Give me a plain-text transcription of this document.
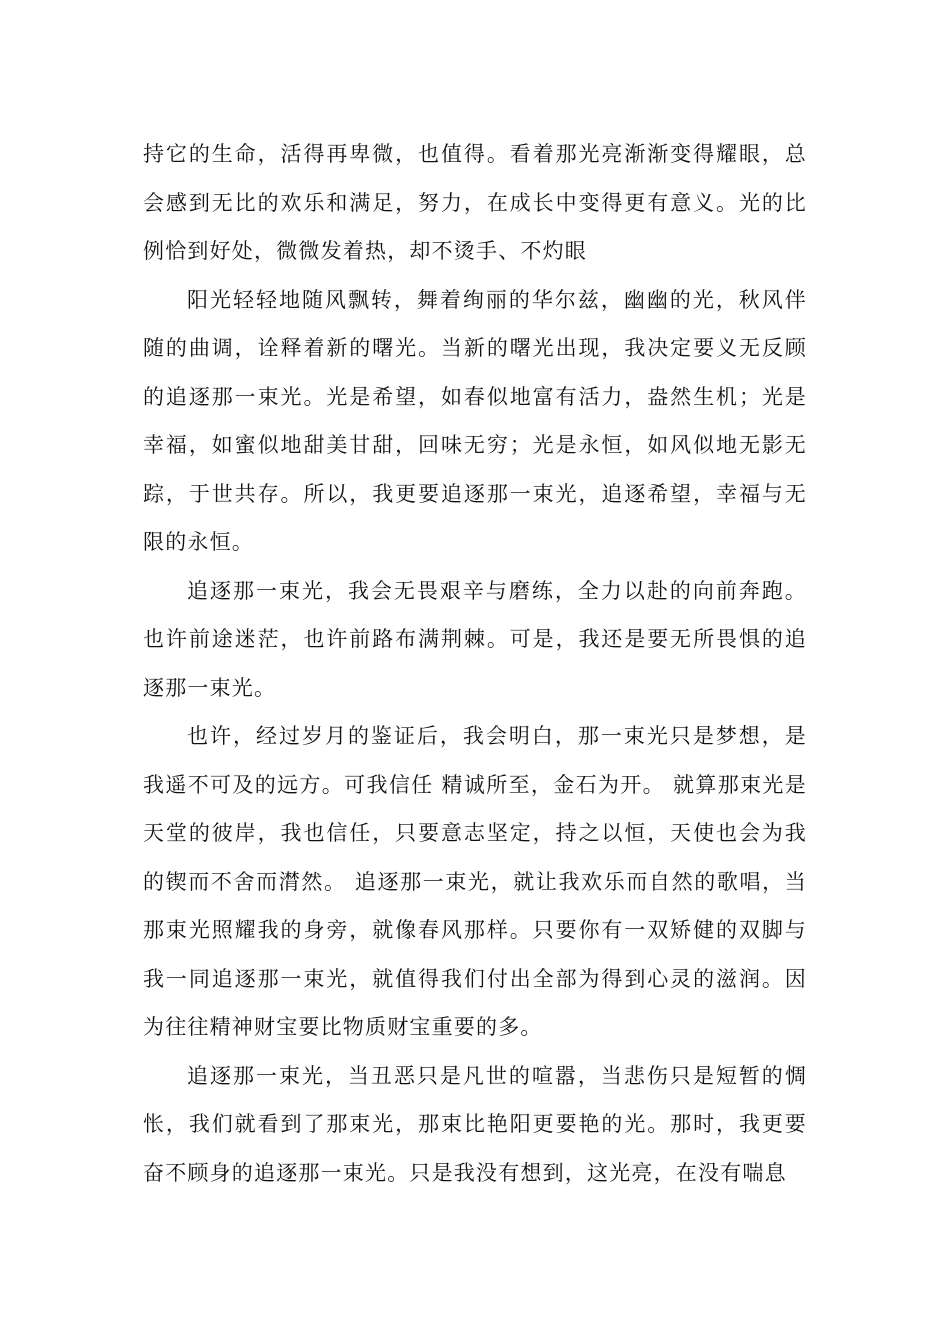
持它的生命，活得再卑微，也值得。看着那光亮渐渐变得耀眼，总会感到无比的欢乐和满足，努力，在成长中变得更有意义。光的比例恰到好处，微微发着热，却不烫手、不灼眼

阳光轻轻地随风飘转，舞着绚丽的华尔兹，幽幽的光，秋风伴随的曲调，诠释着新的曙光。当新的曙光出现，我决定要义无反顾的追逐那一束光。光是希望，如春似地富有活力，盎然生机；光是幸福，如蜜似地甜美甘甜，回味无穷；光是永恒，如风似地无影无踪，于世共存。所以，我更要追逐那一束光，追逐希望，幸福与无限的永恒。

追逐那一束光，我会无畏艰辛与磨练，全力以赴的向前奔跑。也许前途迷茫，也许前路布满荆棘。可是，我还是要无所畏惧的追逐那一束光。

也许，经过岁月的鉴证后，我会明白，那一束光只是梦想，是我遥不可及的远方。可我信任 精诚所至，金石为开。 就算那束光是天堂的彼岸，我也信任，只要意志坚定，持之以恒，天使也会为我的锲而不舍而潸然。 追逐那一束光，就让我欢乐而自然的歌唱，当那束光照耀我的身旁，就像春风那样。只要你有一双矫健的双脚与我一同追逐那一束光，就值得我们付出全部为得到心灵的滋润。因为往往精神财宝要比物质财宝重要的多。

追逐那一束光，当丑恶只是凡世的喧嚣，当悲伤只是短暂的惆怅，我们就看到了那束光，那束比艳阳更要艳的光。那时，我更要奋不顾身的追逐那一束光。只是我没有想到，这光亮，在没有喘息
